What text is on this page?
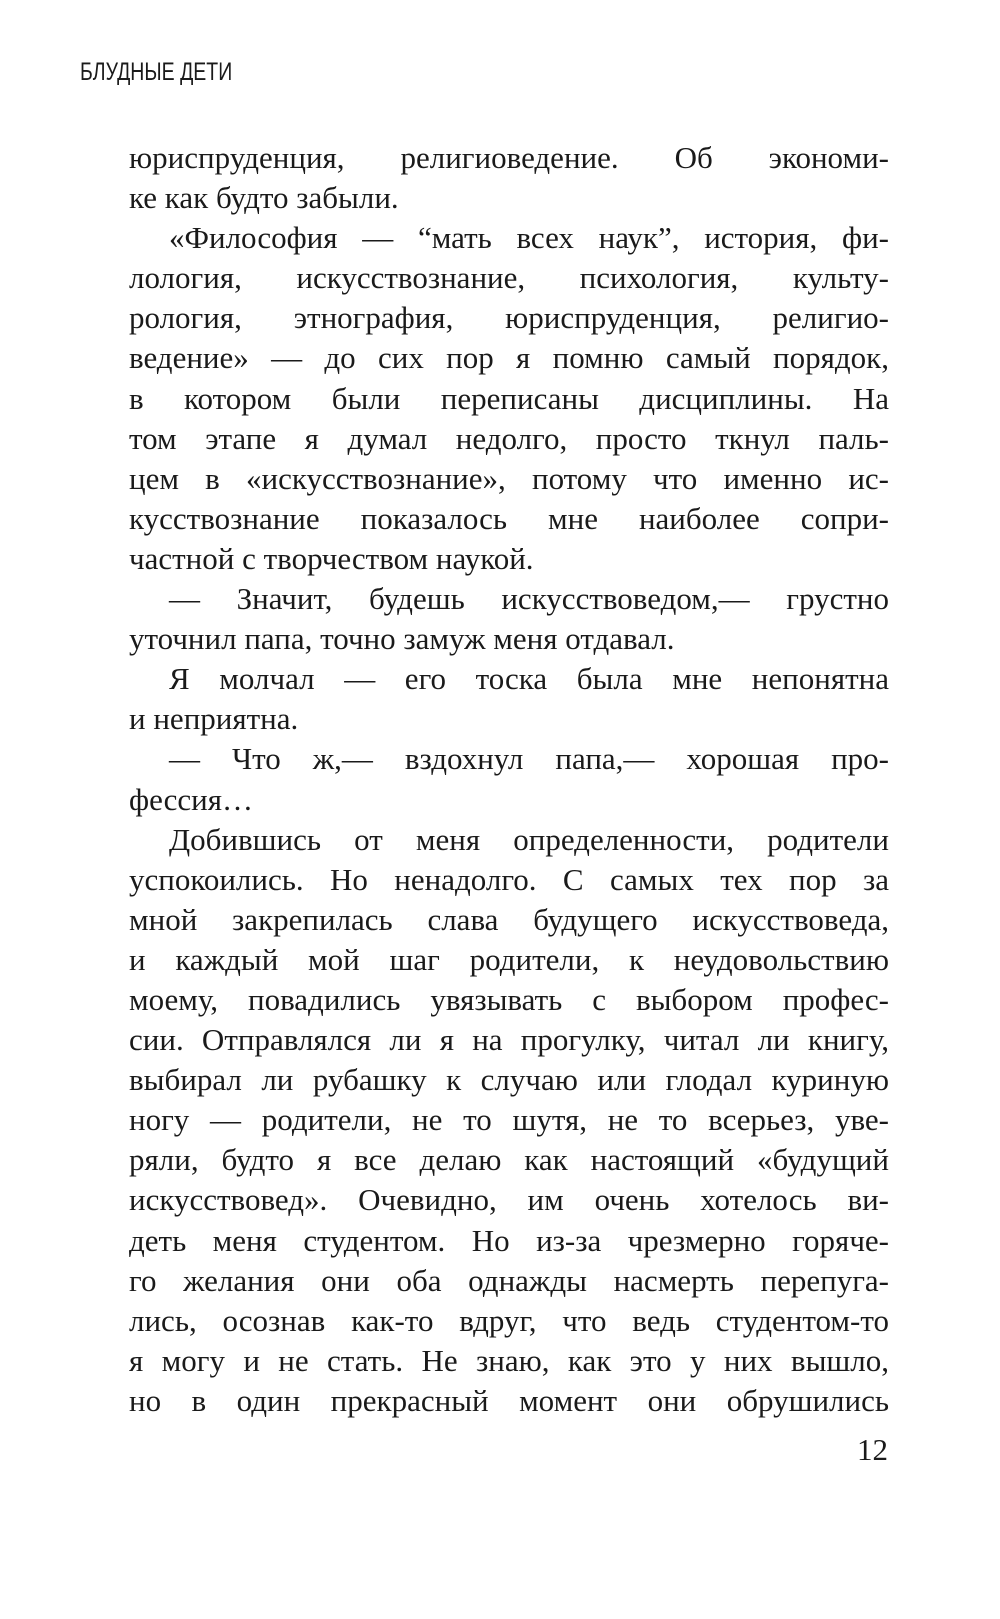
БЛУДНЫЕ ДЕТИ
юриспруденция, религиоведение. Об экономи-
ке как будто забыли.
«Философия — “мать всех наук”, история, фи-
лология, искусствознание, психология, культу-
рология, этнография, юриспруденция, религио-
ведение» — до сих пор я помню самый порядок,
в котором были переписаны дисциплины. На
том этапе я думал недолго, просто ткнул паль-
цем в «искусствознание», потому что именно ис-
кусствознание показалось мне наиболее сопри-
частной с творчеством наукой.
— Значит, будешь искусствоведом,— грустно
уточнил папа, точно замуж меня отдавал.
Я молчал — его тоска была мне непонятна
и неприятна.
— Что ж,— вздохнул папа,— хорошая про-
фессия…
Добившись от меня определенности, родители
успокоились. Но ненадолго. С самых тех пор за
мной закрепилась слава будущего искусствоведа,
и каждый мой шаг родители, к неудовольствию
моему, повадились увязывать с выбором профес-
сии. Отправлялся ли я на прогулку, читал ли книгу,
выбирал ли рубашку к случаю или глодал куриную
ногу — родители, не то шутя, не то всерьез, уве-
ряли, будто я все делаю как настоящий «будущий
искусствовед». Очевидно, им очень хотелось ви-
деть меня студентом. Но из-за чрезмерно горяче-
го желания они оба однажды насмерть перепуга-
лись, осознав как-то вдруг, что ведь студентом-то
я могу и не стать. Не знаю, как это у них вышло,
но в один прекрасный момент они обрушились
12
